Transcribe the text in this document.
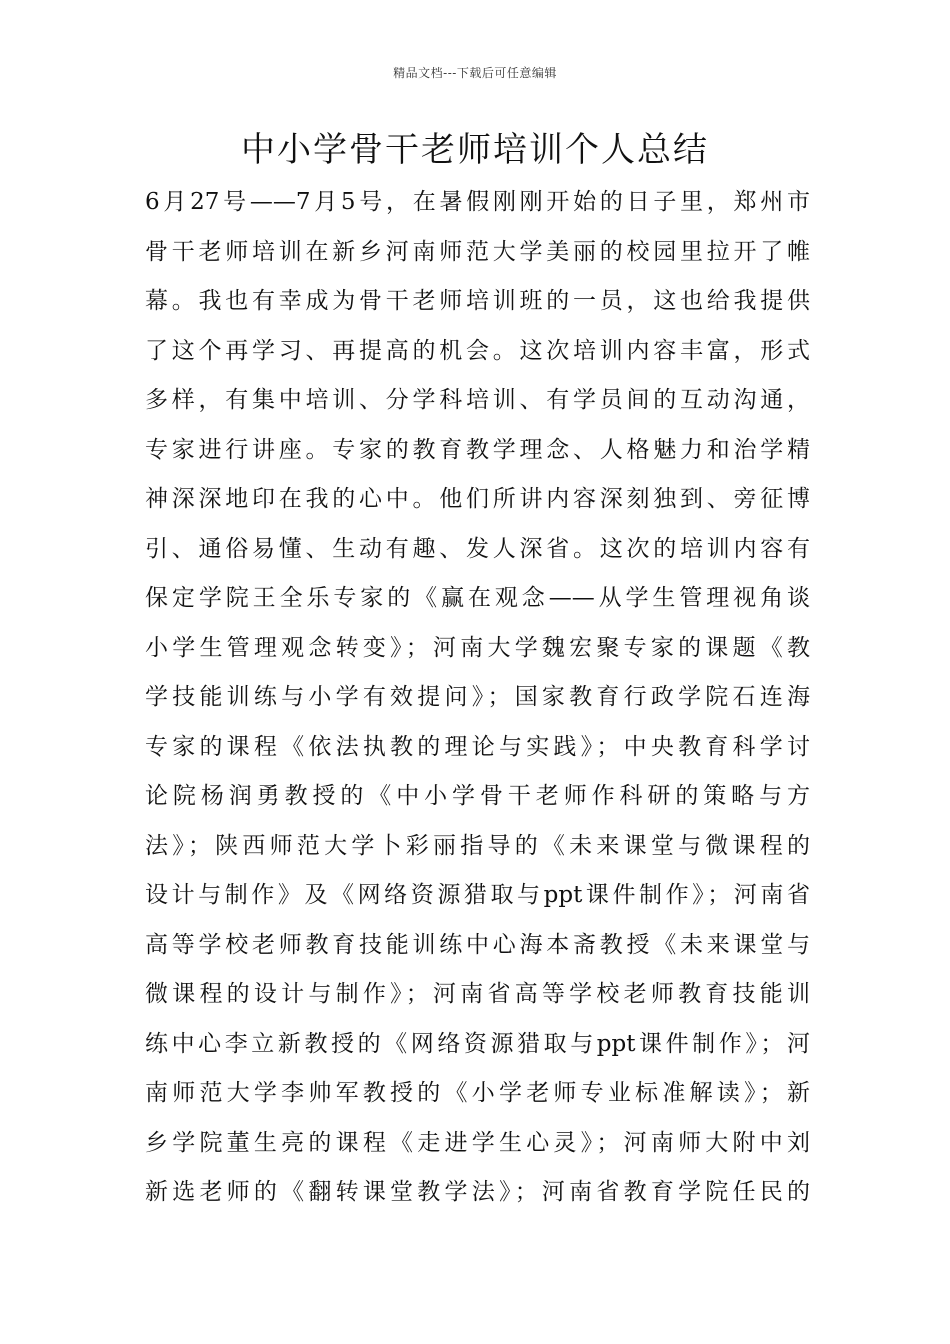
精品文档---下载后可任意编辑
中小学骨干老师培训个人总结
6月27号——7月5号，在暑假刚刚开始的日子里，郑州市
骨干老师培训在新乡河南师范大学美丽的校园里拉开了帷
幕。我也有幸成为骨干老师培训班的一员，这也给我提供
了这个再学习、再提高的机会。这次培训内容丰富，形式
多样，有集中培训、分学科培训、有学员间的互动沟通，
专家进行讲座。专家的教育教学理念、人格魅力和治学精
神深深地印在我的心中。他们所讲内容深刻独到、旁征博
引、通俗易懂、生动有趣、发人深省。这次的培训内容有
保定学院王全乐专家的《赢在观念——从学生管理视角谈
小学生管理观念转变》；河南大学魏宏聚专家的课题《教
学技能训练与小学有效提问》；国家教育行政学院石连海
专家的课程《依法执教的理论与实践》；中央教育科学讨
论院杨润勇教授的《中小学骨干老师作科研的策略与方
法》；陕西师范大学卜彩丽指导的《未来课堂与微课程的
设计与制作》及《网络资源猎取与ppt课件制作》；河南省
高等学校老师教育技能训练中心海本斋教授《未来课堂与
微课程的设计与制作》；河南省高等学校老师教育技能训
练中心李立新教授的《网络资源猎取与ppt课件制作》；河
南师范大学李帅军教授的《小学老师专业标准解读》；新
乡学院董生亮的课程《走进学生心灵》；河南师大附中刘
新选老师的《翻转课堂教学法》；河南省教育学院任民的
